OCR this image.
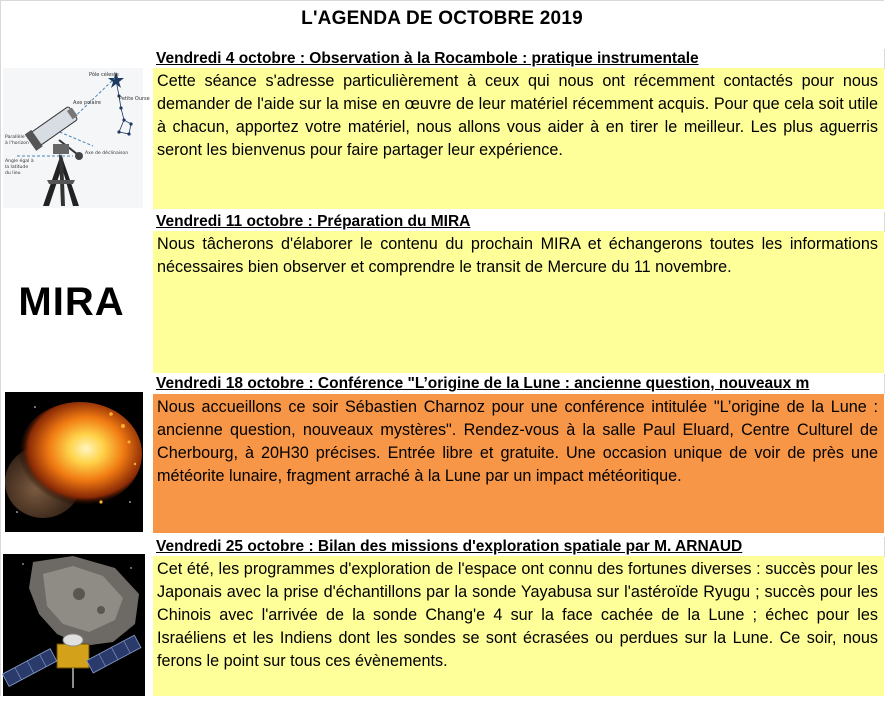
L'AGENDA DE OCTOBRE 2019
Vendredi 4 octobre : Observation à la Rocambole : pratique instrumentale
Cette séance s'adresse particulièrement à ceux qui nous ont récemment contactés pour nous demander de l'aide sur la mise en œuvre de leur matériel récemment acquis. Pour que cela soit utile à chacun, apportez votre matériel, nous allons vous aider à en tirer le meilleur. Les plus aguerris seront les bienvenus pour faire partager leur expérience.
Pôle céleste
Axe polaire
Petite Ourse
Parallèle
à l'horizon
Axe de déclinaison
Angle égal à
la latitude
du lieu
Vendredi 11 octobre : Préparation du MIRA
Nous tâcherons d'élaborer le contenu du prochain MIRA et échangerons toutes les informations nécessaires bien observer et comprendre le transit de Mercure du 11 novembre.
MIRA
Vendredi 18 octobre : Conférence "L’origine de la Lune : ancienne question, nouveaux m
Nous accueillons ce soir Sébastien Charnoz pour une conférence intitulée "L’origine de la Lune : ancienne question, nouveaux mystères". Rendez-vous à la salle Paul Eluard, Centre Culturel de Cherbourg, à 20H30 précises. Entrée libre et gratuite. Une occasion unique de voir de près une météorite lunaire, fragment arraché à la Lune par un impact météoritique.
Vendredi 25 octobre : Bilan des missions d'exploration spatiale par M. ARNAUD
Cet été, les programmes d'exploration de l'espace ont connu des fortunes diverses : succès pour les Japonais avec la prise d'échantillons par la sonde Yayabusa sur l'astéroïde Ryugu ; succès pour les Chinois avec l'arrivée de la sonde Chang'e 4 sur la face cachée de la Lune ; échec pour les Israéliens et les Indiens dont les sondes se sont écrasées ou perdues sur la Lune. Ce soir, nous ferons le point sur tous ces évènements.
